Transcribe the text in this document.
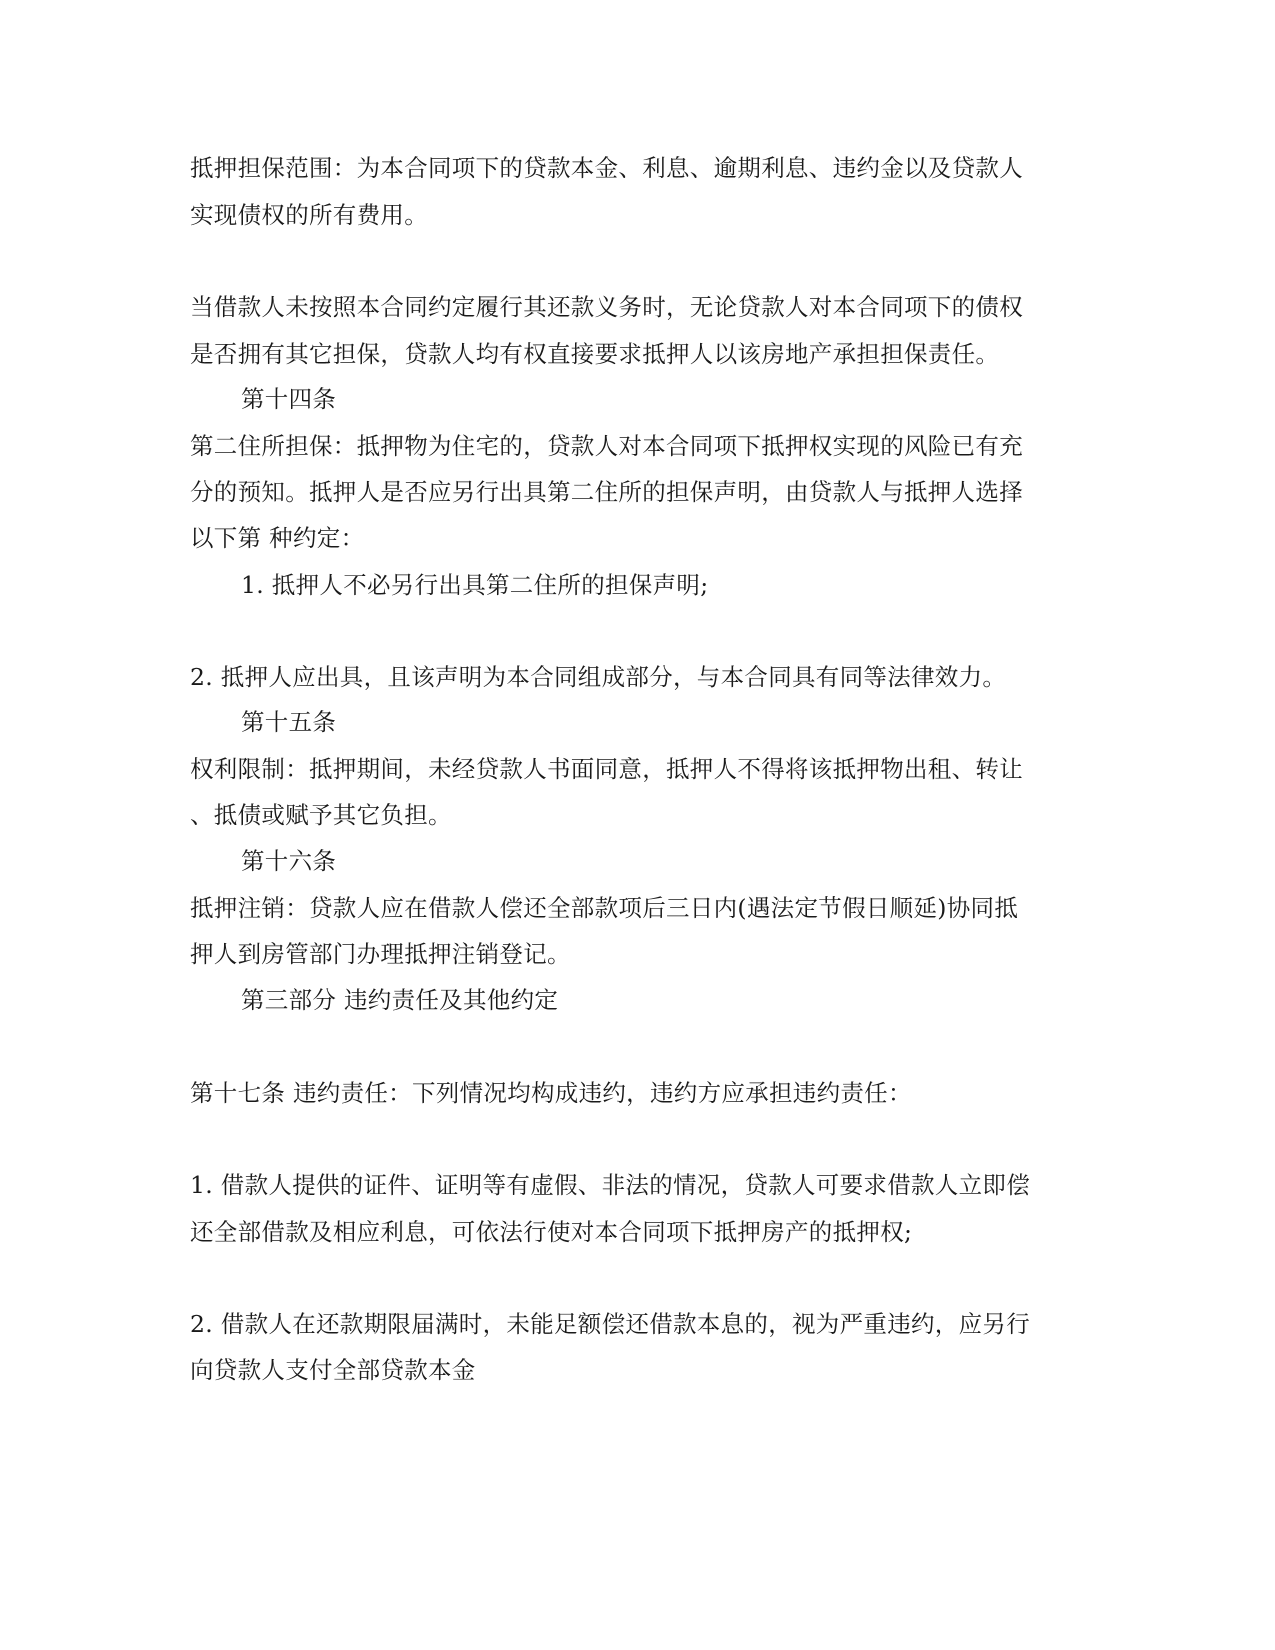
抵押担保范围：为本合同项下的贷款本金、利息、逾期利息、违约金以及贷款人

实现债权的所有费用。

当借款人未按照本合同约定履行其还款义务时，无论贷款人对本合同项下的债权

是否拥有其它担保，贷款人均有权直接要求抵押人以该房地产承担担保责任。

第十四条

第二住所担保：抵押物为住宅的，贷款人对本合同项下抵押权实现的风险已有充

分的预知。抵押人是否应另行出具第二住所的担保声明，由贷款人与抵押人选择

以下第 种约定：

1. 抵押人不必另行出具第二住所的担保声明;

2. 抵押人应出具，且该声明为本合同组成部分，与本合同具有同等法律效力。

第十五条

权利限制：抵押期间，未经贷款人书面同意，抵押人不得将该抵押物出租、转让

、抵债或赋予其它负担。

第十六条

抵押注销：贷款人应在借款人偿还全部款项后三日内(遇法定节假日顺延)协同抵

押人到房管部门办理抵押注销登记。

第三部分 违约责任及其他约定

第十七条 违约责任：下列情况均构成违约，违约方应承担违约责任：

1. 借款人提供的证件、证明等有虚假、非法的情况，贷款人可要求借款人立即偿

还全部借款及相应利息，可依法行使对本合同项下抵押房产的抵押权;

2. 借款人在还款期限届满时，未能足额偿还借款本息的，视为严重违约，应另行

向贷款人支付全部贷款本金
